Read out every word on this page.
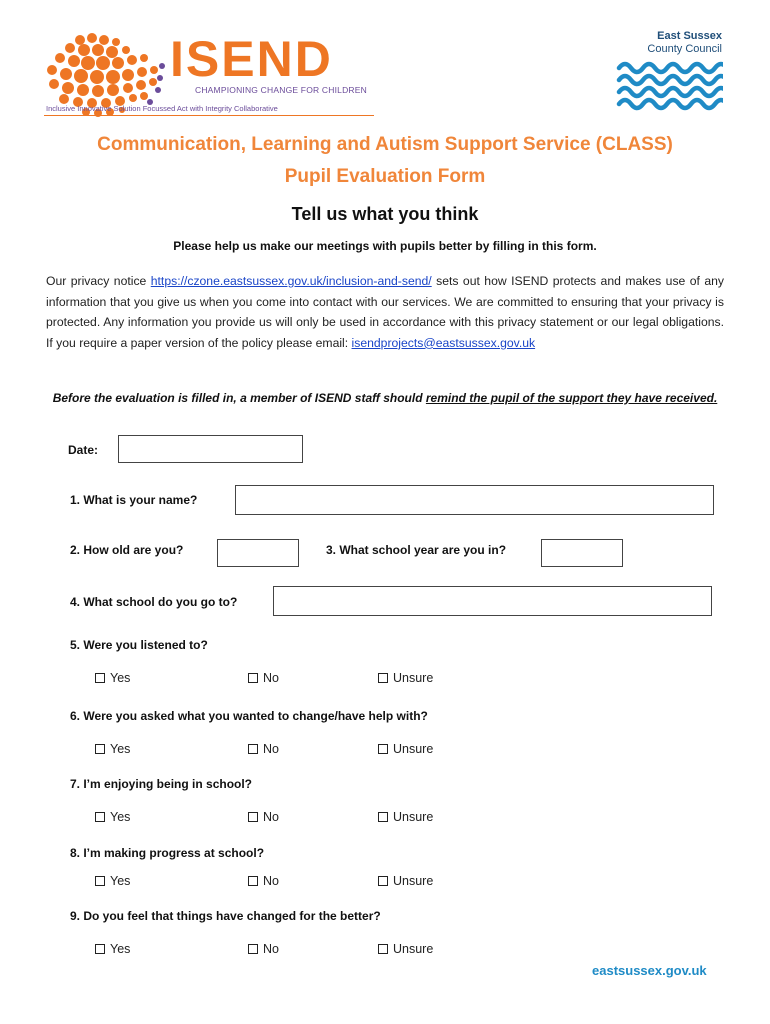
ISEND
CHAMPIONING CHANGE FOR CHILDREN
Inclusive Innovative Solution Focussed Act with Integrity Collaborative
East Sussex
County Council
Communication, Learning and Autism Support Service (CLASS)
Pupil Evaluation Form
Tell us what you think
Please help us make our meetings with pupils better by filling in this form.
Our privacy notice https://czone.eastsussex.gov.uk/inclusion-and-send/ sets out how ISEND protects and makes use of any information that you give us when you come into contact with our services. We are committed to ensuring that your privacy is protected. Any information you provide us will only be used in accordance with this privacy statement or our legal obligations. If you require a paper version of the policy please email: isendprojects@eastsussex.gov.uk
Before the evaluation is filled in, a member of ISEND staff should remind the pupil of the support they have received.
Date:
1. What is your name?
2. How old are you?	3. What school year are you in?
4. What school do you go to?
5. Were you listened to?
Yes	No	Unsure
6. Were you asked what you wanted to change/have help with?
Yes	No	Unsure
7. I’m enjoying being in school?
Yes	No	Unsure
8. I’m making progress at school?
Yes	No	Unsure
9. Do you feel that things have changed for the better?
Yes	No	Unsure
eastsussex.gov.uk
